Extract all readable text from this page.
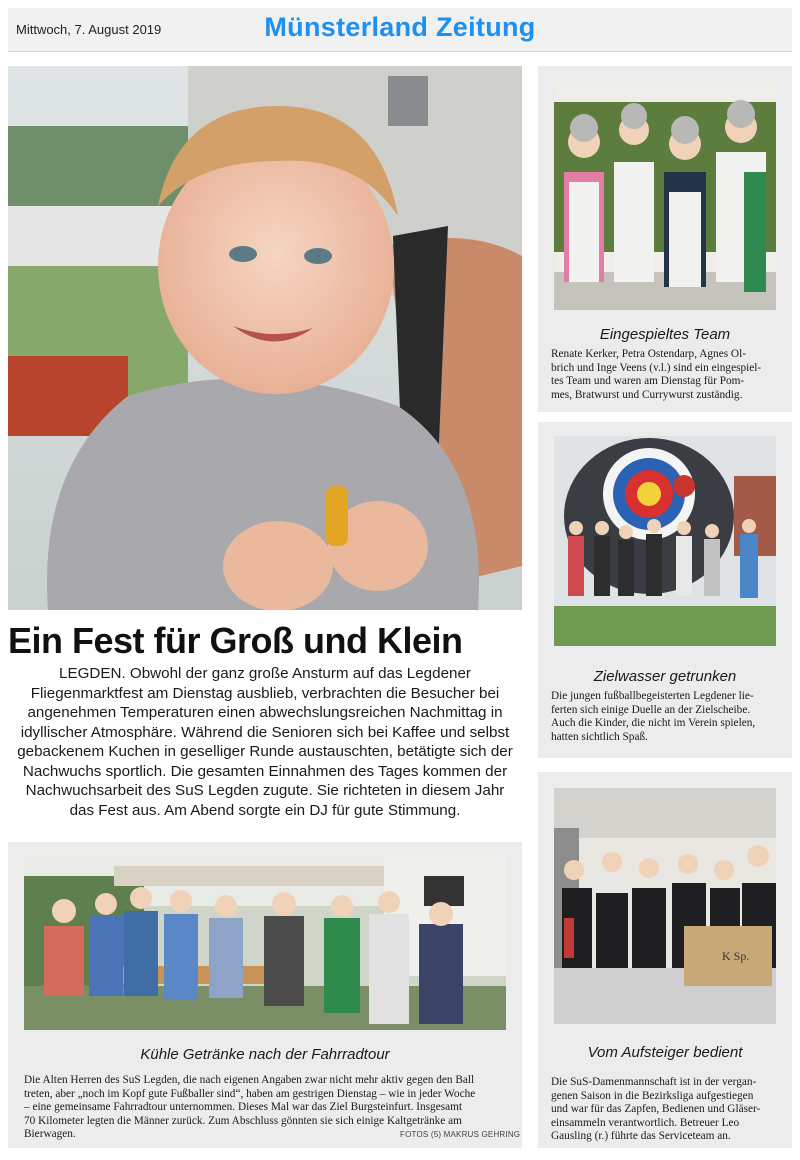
Mittwoch, 7. August 2019	Münsterland Zeitung
Ein Fest für Groß und Klein
LEGDEN. Obwohl der ganz große Ansturm auf das Legdener
Fliegenmarktfest am Dienstag ausblieb, verbrachten die Besucher bei
angenehmen Temperaturen einen abwechslungsreichen Nachmittag in
idyllischer Atmosphäre. Während die Senioren sich bei Kaffee und selbst
gebackenem Kuchen in geselliger Runde austauschten, betätigte sich der
Nachwuchs sportlich. Die gesamten Einnahmen des Tages kommen der
Nachwuchsarbeit des SuS Legden zugute. Sie richteten in diesem Jahr
das Fest aus. Am Abend sorgte ein DJ für gute Stimmung.
Kühle Getränke nach der Fahrradtour
Die Alten Herren des SuS Legden, die nach eigenen Angaben zwar nicht mehr aktiv gegen den Ball
treten, aber „noch im Kopf gute Fußballer sind“, haben am gestrigen Dienstag – wie in jeder Woche
– eine gemeinsame Fahrradtour unternommen. Dieses Mal war das Ziel Burgsteinfurt. Insgesamt
70 Kilometer legten die Männer zurück. Zum Abschluss gönnten sie sich einige Kaltgetränke am
Bierwagen.	FOTOS (5) MAKRUS GEHRING
Eingespieltes Team
Renate Kerker, Petra Ostendarp, Agnes Ol-
brich und Inge Veens (v.l.) sind ein eingespiel-
tes Team und waren am Dienstag für Pom-
mes, Bratwurst und Currywurst zuständig.
Zielwasser getrunken
Die jungen fußballbegeisterten Legdener lie-
ferten sich einige Duelle an der Zielscheibe.
Auch die Kinder, die nicht im Verein spielen,
hatten sichtlich Spaß.
K Sp.
Vom Aufsteiger bedient
Die SuS-Damenmannschaft ist in der vergan-
genen Saison in die Bezirksliga aufgestiegen
und war für das Zapfen, Bedienen und Gläser-
einsammeln verantwortlich. Betreuer Leo
Gausling (r.) führte das Serviceteam an.
